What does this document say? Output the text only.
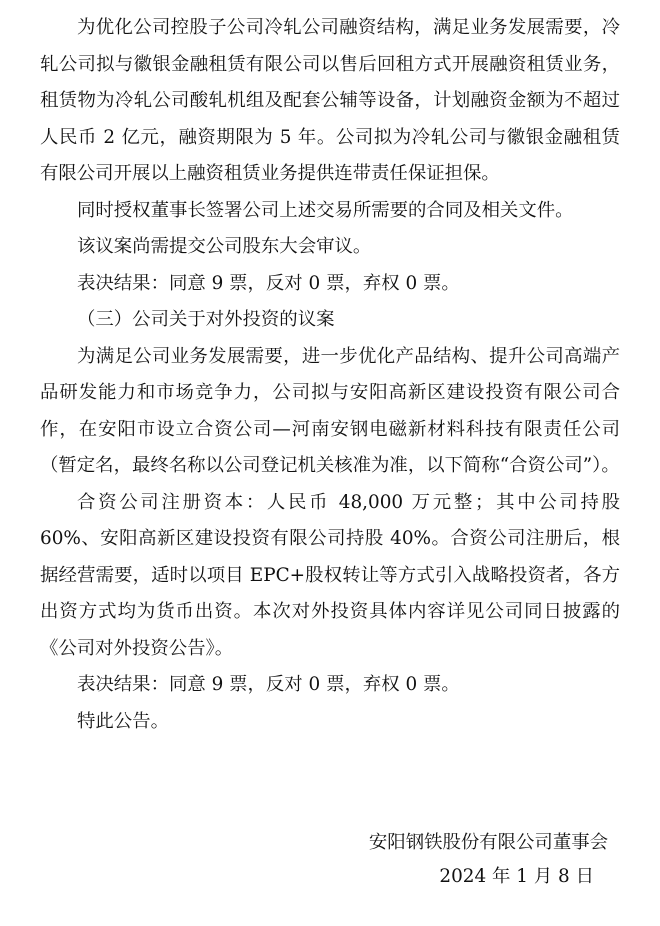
为优化公司控股子公司冷轧公司融资结构，满足业务发展需要，冷轧公司拟与徽银金融租赁有限公司以售后回租方式开展融资租赁业务，租赁物为冷轧公司酸轧机组及配套公辅等设备，计划融资金额为不超过人民币 2 亿元，融资期限为 5 年。公司拟为冷轧公司与徽银金融租赁有限公司开展以上融资租赁业务提供连带责任保证担保。

同时授权董事长签署公司上述交易所需要的合同及相关文件。

该议案尚需提交公司股东大会审议。

表决结果：同意 9 票，反对 0 票，弃权 0 票。

（三）公司关于对外投资的议案

为满足公司业务发展需要，进一步优化产品结构、提升公司高端产品研发能力和市场竞争力，公司拟与安阳高新区建设投资有限公司合作，在安阳市设立合资公司—河南安钢电磁新材料科技有限责任公司 （暂定名，最终名称以公司登记机关核准为准，以下简称“合资公司”）。

合资公司注册资本：人民币 48,000 万元整；其中公司持股 60%、安阳高新区建设投资有限公司持股 40%。合资公司注册后，根据经营需要，适时以项目 EPC+股权转让等方式引入战略投资者，各方出资方式均为货币出资。本次对外投资具体内容详见公司同日披露的《公司对外投资公告》。

表决结果：同意 9 票，反对 0 票，弃权 0 票。

特此公告。

安阳钢铁股份有限公司董事会
2024 年 1 月 8 日
